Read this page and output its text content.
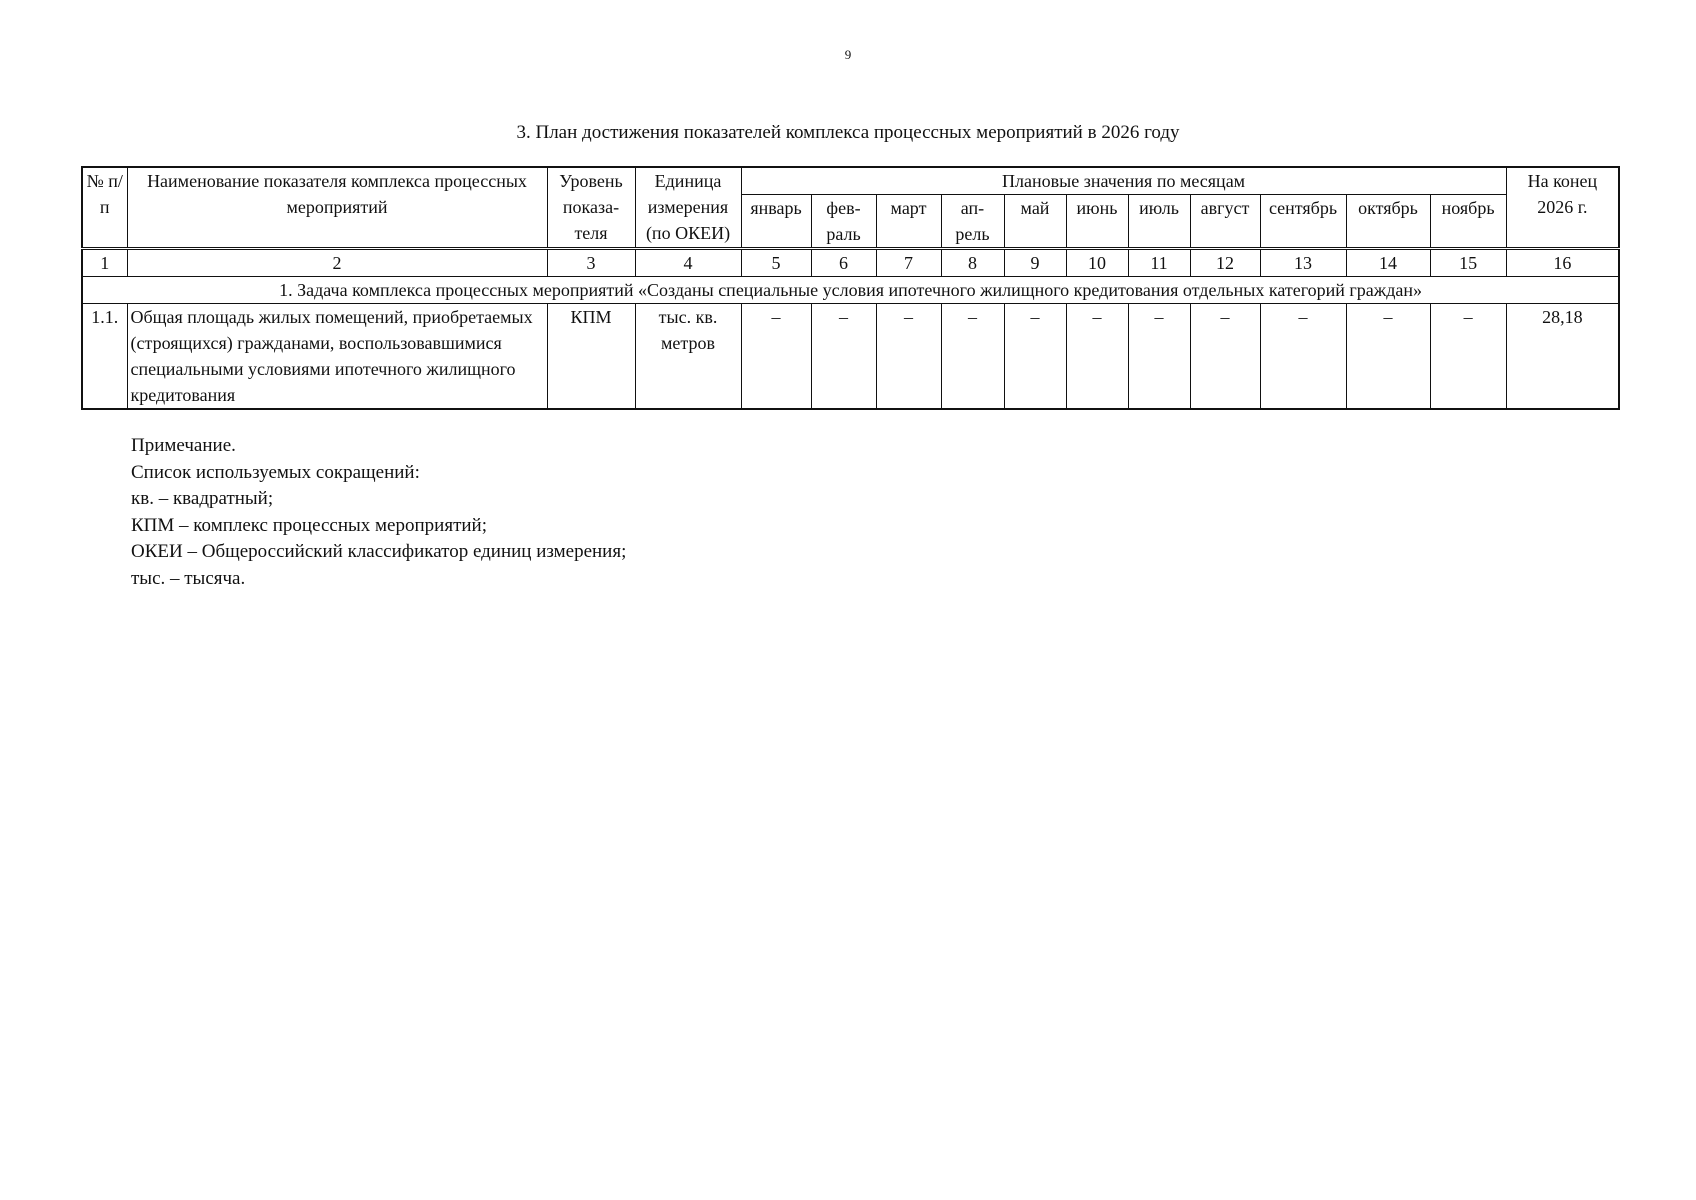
9
3. План достижения показателей комплекса процессных мероприятий в 2026 году
№ п/п	Наименование показателя комплекса процессных мероприятий	Уровень показа-теля	Единица измерения (по ОКЕИ)	Плановые значения по месяцам											На конец 2026 г.
				январь	фев-раль	март	ап-рель	май	июнь	июль	август	сентябрь	октябрь	ноябрь	
1	2	3	4	5	6	7	8	9	10	11	12	13	14	15	16
1. Задача комплекса процессных мероприятий «Созданы специальные условия ипотечного жилищного кредитования отдельных категорий граждан»															
1.1.	Общая площадь жилых помещений, приобретаемых (строящихся) гражданами, воспользовавшимися специальными условиями ипотечного жилищного кредитования	КПМ	тыс. кв. метров	–	–	–	–	–	–	–	–	–	–	–	28,18
Примечание.
Список используемых сокращений:
кв. – квадратный;
КПМ – комплекс процессных мероприятий;
ОКЕИ – Общероссийский классификатор единиц измерения;
тыс. – тысяча.
